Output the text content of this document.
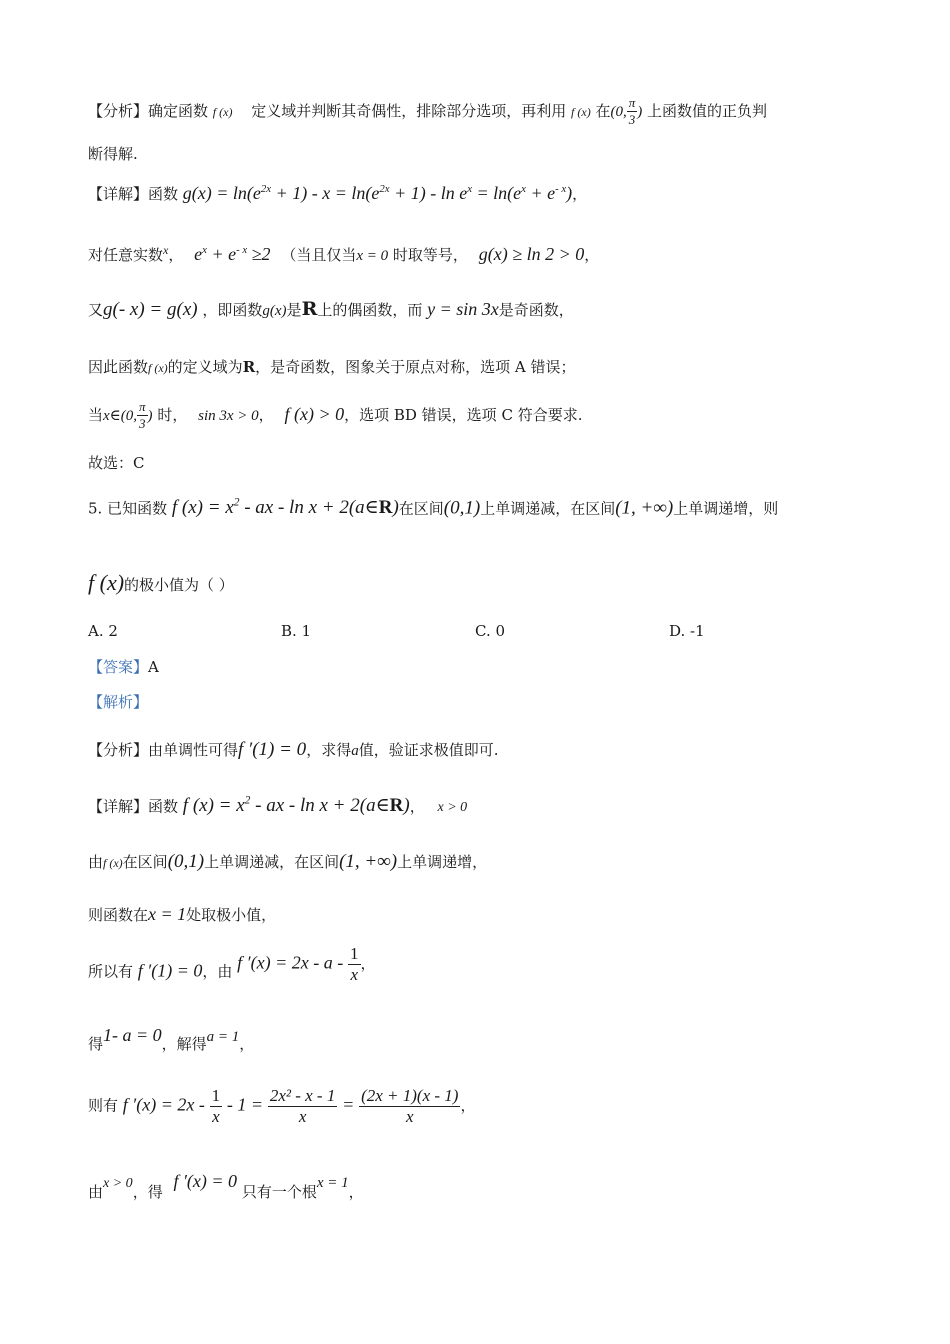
【分析】确定函数 f (x) 定义域并判断其奇偶性，排除部分选项，再利用 f (x) 在(0, $\frac{\pi}{3}$ ) 上函数值的正负判
断得解.
【详解】函数 $g(x) = \ln(e^{2x} + 1) - x = \ln(e^{2x} + 1) - \ln e^x = \ln(e^x + e^{- x})$，
对任意实数$^x$， $e^x + e^{- x} \ge 2$ （当且仅当x = 0 时取等号， g(x) ≥ ln 2 > 0，
又g(- x) = g(x) ，即函数g(x)是R上的偶函数，而 y = sin 3x是奇函数，
因此函数f (x)的定义域为R，是奇函数，图象关于原点对称，选项 A 错误；
当x∈(0, $\frac{\pi}{3}$ ) 时， sin 3x > 0， f (x) > 0，选项 BD 错误，选项 C 符合要求.
故选：C
5. 已知函数 f $(x) = x^2$ - ax - ln x + 2(a∈R)在区间(0,1)上单调递减，在区间(1, +∞)上单调递增，则
f (x)的极小值为（ ）
A. 2	B. 1	C. 0	D. -1
【答案】A
【解析】
【分析】由单调性可得f ′(1) = 0，求得a值，验证求极值即可.
【详解】函数 f $(x) = x^2$ - ax - ln x + 2(a∈R)， x > 0
由f (x)在区间(0,1)上单调递减，在区间(1, +∞)上单调递增，
则函数在x = 1处取极小值，
所以有 f ′(1) = 0，由 f $'(x) = 2x - a - \frac{1}{x}$ ，
得1- a = 0，解得a = 1，
则有 f $'(x) = 2x - \frac{1}{x} - 1 = \frac{\text{2x² - x - 1}}{x} = \frac{(2x + 1)(x - 1)}{x}$ ，
由x > 0，得 f ′(x) = 0 只有一个根x = 1，
